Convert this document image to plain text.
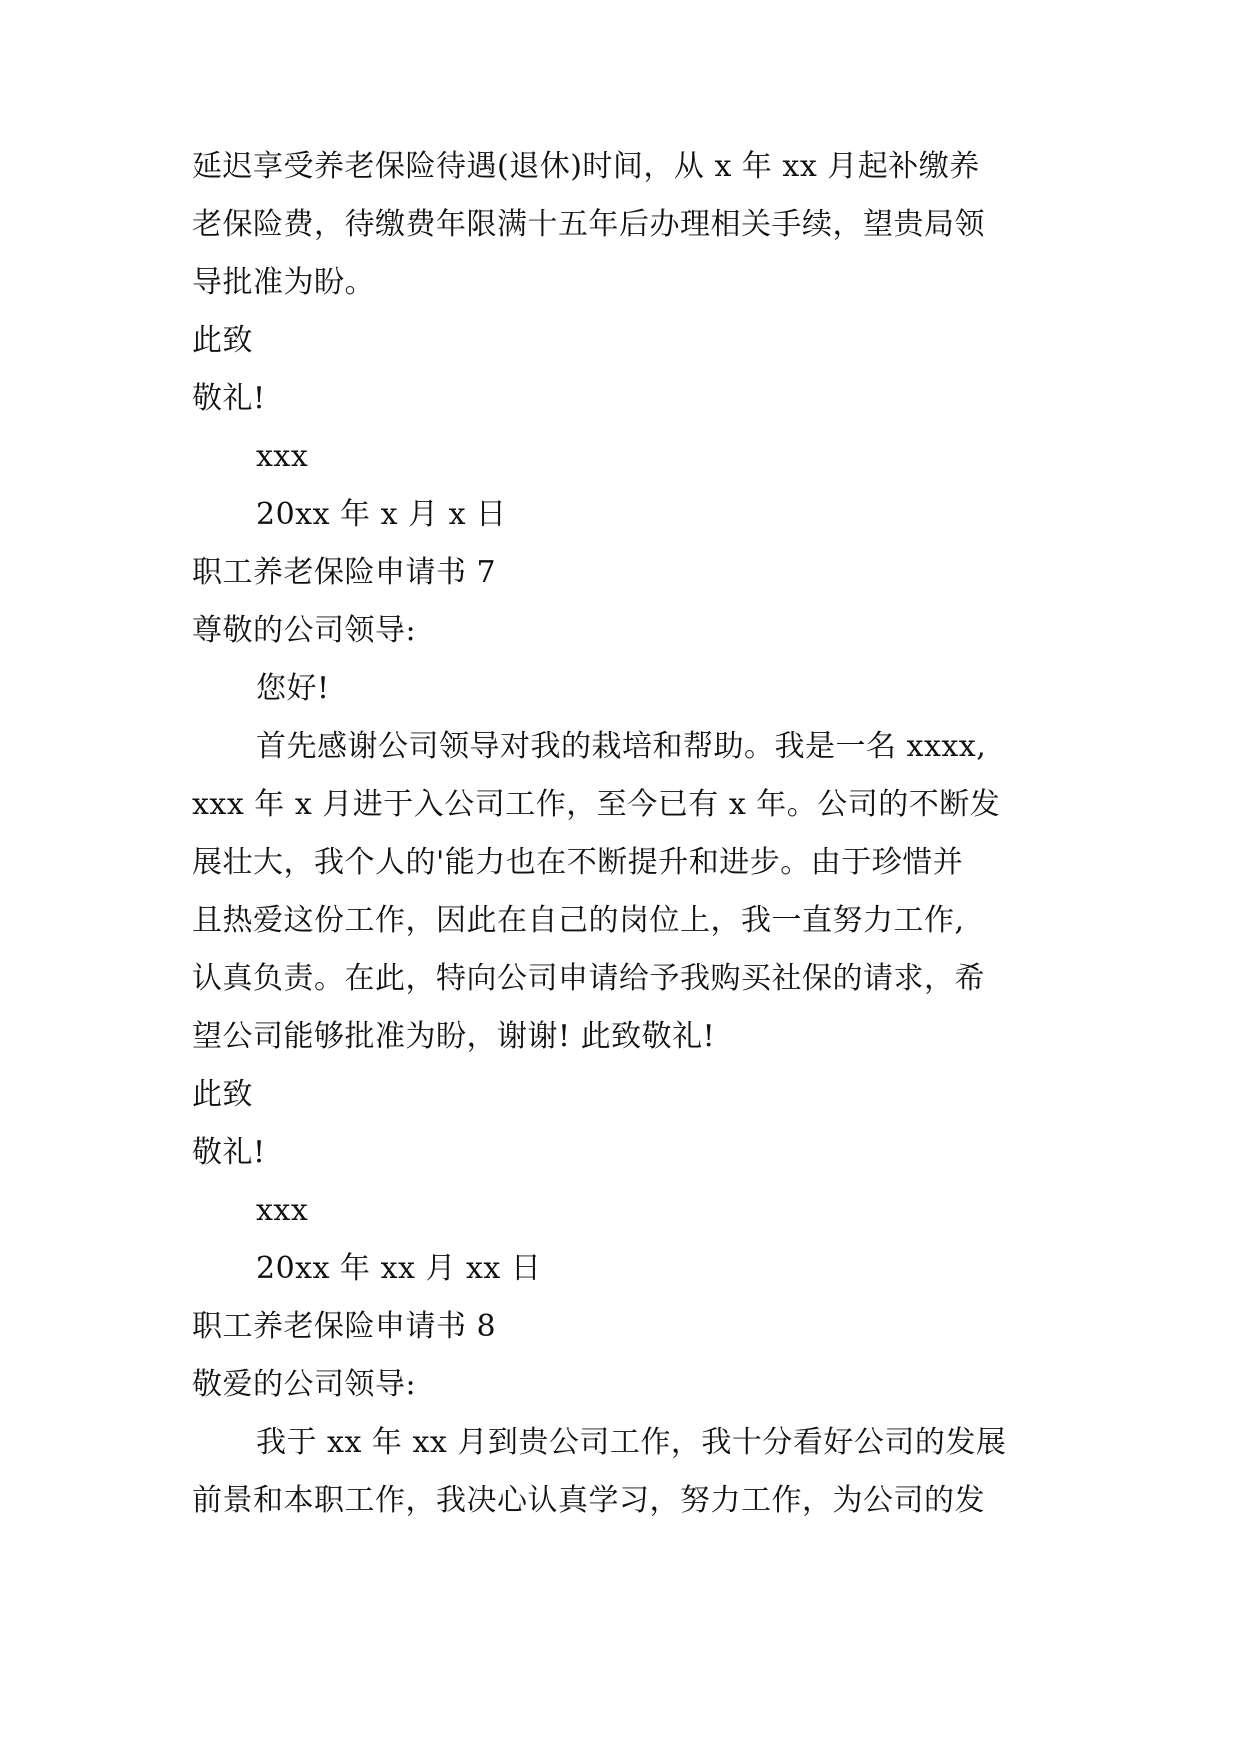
延迟享受养老保险待遇(退休)时间，从 x 年 xx 月起补缴养
老保险费，待缴费年限满十五年后办理相关手续，望贵局领
导批准为盼。
此致
敬礼!
xxx
20xx 年 x 月 x 日
职工养老保险申请书 7
尊敬的公司领导:
您好!
首先感谢公司领导对我的栽培和帮助。我是一名 xxxx,
xxx 年 x 月进于入公司工作，至今已有 x 年。公司的不断发
展壮大，我个人的'能力也在不断提升和进步。由于珍惜并
且热爱这份工作，因此在自己的岗位上，我一直努力工作,
认真负责。在此，特向公司申请给予我购买社保的请求，希
望公司能够批准为盼，谢谢! 此致敬礼!
此致
敬礼!
xxx
20xx 年 xx 月 xx 日
职工养老保险申请书 8
敬爱的公司领导:
我于 xx 年 xx 月到贵公司工作，我十分看好公司的发展
前景和本职工作，我决心认真学习，努力工作，为公司的发
